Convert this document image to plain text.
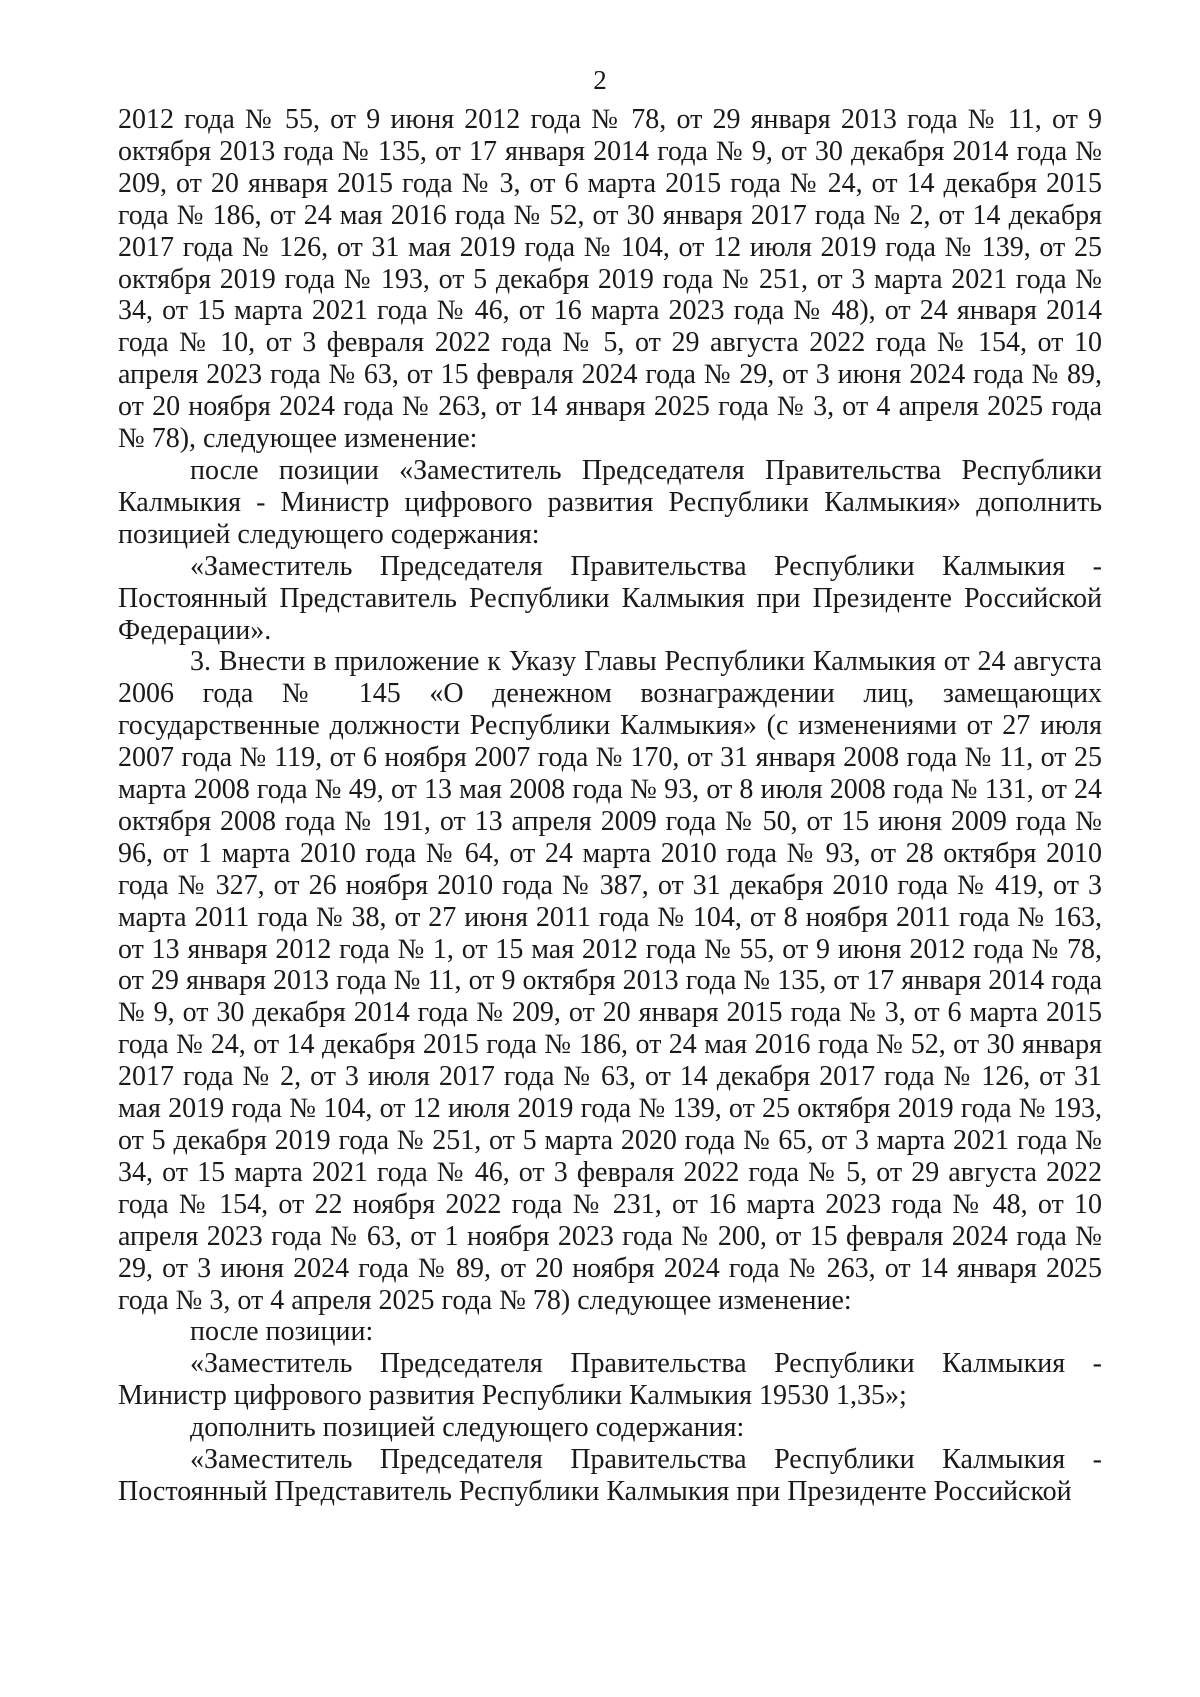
2

2012 года № 55, от 9 июня 2012 года № 78, от 29 января 2013 года № 11, от 9 октября 2013 года № 135, от 17 января 2014 года № 9, от 30 декабря 2014 года № 209, от 20 января 2015 года № 3, от 6 марта 2015 года № 24, от 14 декабря 2015 года № 186, от 24 мая 2016 года № 52, от 30 января 2017 года № 2, от 14 декабря 2017 года № 126, от 31 мая 2019 года № 104, от 12 июля 2019 года № 139, от 25 октября 2019 года № 193, от 5 декабря 2019 года № 251, от 3 марта 2021 года № 34, от 15 марта 2021 года № 46, от 16 марта 2023 года № 48), от 24 января 2014 года № 10, от 3 февраля 2022 года № 5, от 29 августа 2022 года № 154, от 10 апреля 2023 года № 63, от 15 февраля 2024 года № 29, от 3 июня 2024 года № 89, от 20 ноября 2024 года № 263, от 14 января 2025 года № 3, от 4 апреля 2025 года № 78), следующее изменение:

после позиции «Заместитель Председателя Правительства Республики Калмыкия - Министр цифрового развития Республики Калмыкия» дополнить позицией следующего содержания:

«Заместитель Председателя Правительства Республики Калмыкия - Постоянный Представитель Республики Калмыкия при Президенте Российской Федерации».

3. Внести в приложение к Указу Главы Республики Калмыкия от 24 августа 2006 года № 145 «О денежном вознаграждении лиц, замещающих государственные должности Республики Калмыкия» (с изменениями от 27 июля 2007 года № 119, от 6 ноября 2007 года № 170, от 31 января 2008 года № 11, от 25 марта 2008 года № 49, от 13 мая 2008 года № 93, от 8 июля 2008 года № 131, от 24 октября 2008 года № 191, от 13 апреля 2009 года № 50, от 15 июня 2009 года № 96, от 1 марта 2010 года № 64, от 24 марта 2010 года № 93, от 28 октября 2010 года № 327, от 26 ноября 2010 года № 387, от 31 декабря 2010 года № 419, от 3 марта 2011 года № 38, от 27 июня 2011 года № 104, от 8 ноября 2011 года № 163, от 13 января 2012 года № 1, от 15 мая 2012 года № 55, от 9 июня 2012 года № 78, от 29 января 2013 года № 11, от 9 октября 2013 года № 135, от 17 января 2014 года № 9, от 30 декабря 2014 года № 209, от 20 января 2015 года № 3, от 6 марта 2015 года № 24, от 14 декабря 2015 года № 186, от 24 мая 2016 года № 52, от 30 января 2017 года № 2, от 3 июля 2017 года № 63, от 14 декабря 2017 года № 126, от 31 мая 2019 года № 104, от 12 июля 2019 года № 139, от 25 октября 2019 года № 193, от 5 декабря 2019 года № 251, от 5 марта 2020 года № 65, от 3 марта 2021 года № 34, от 15 марта 2021 года № 46, от 3 февраля 2022 года № 5, от 29 августа 2022 года № 154, от 22 ноября 2022 года № 231, от 16 марта 2023 года № 48, от 10 апреля 2023 года № 63, от 1 ноября 2023 года № 200, от 15 февраля 2024 года № 29, от 3 июня 2024 года № 89, от 20 ноября 2024 года № 263, от 14 января 2025 года № 3, от 4 апреля 2025 года № 78) следующее изменение:

после позиции:

«Заместитель Председателя Правительства Республики Калмыкия - Министр цифрового развития Республики Калмыкия 19530 1,35»;

дополнить позицией следующего содержания:

«Заместитель Председателя Правительства Республики Калмыкия - Постоянный Представитель Республики Калмыкия при Президенте Российской
